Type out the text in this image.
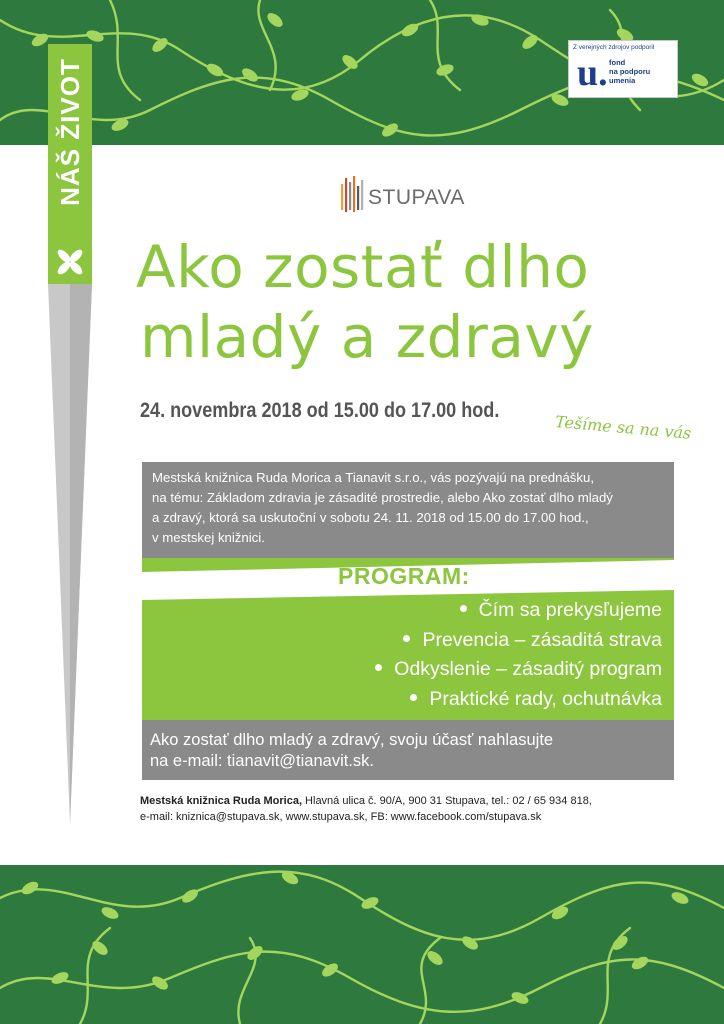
NÁŠ ŽIVOT
Z verejných zdrojov podporil
u. fond
na podporu
umenia
STUPAVA
Ako zostať dlho
mladý a zdravý
24. novembra 2018 od 15.00 do 17.00 hod.
Tešíme sa na vás
Mestská knižnica Ruda Morica a Tianavit s.r.o., vás pozývajú na prednášku,
na tému: Základom zdravia je zásadité prostredie, alebo Ako zostať dlho mladý
a zdravý, ktorá sa uskutoční v sobotu 24. 11. 2018 od 15.00 do 17.00 hod.,
v mestskej knižnici.
PROGRAM:
Čím sa prekysľujeme
Prevencia – zásaditá strava
Odkyslenie – zásaditý program
Praktické rady, ochutnávka
Ako zostať dlho mladý a zdravý, svoju účasť nahlasujte
na e-mail: tianavit@tianavit.sk.
Mestská knižnica Ruda Morica, Hlavná ulica č. 90/A, 900 31 Stupava, tel.: 02 / 65 934 818,
e-mail: kniznica@stupava.sk, www.stupava.sk, FB: www.facebook.com/stupava.sk
